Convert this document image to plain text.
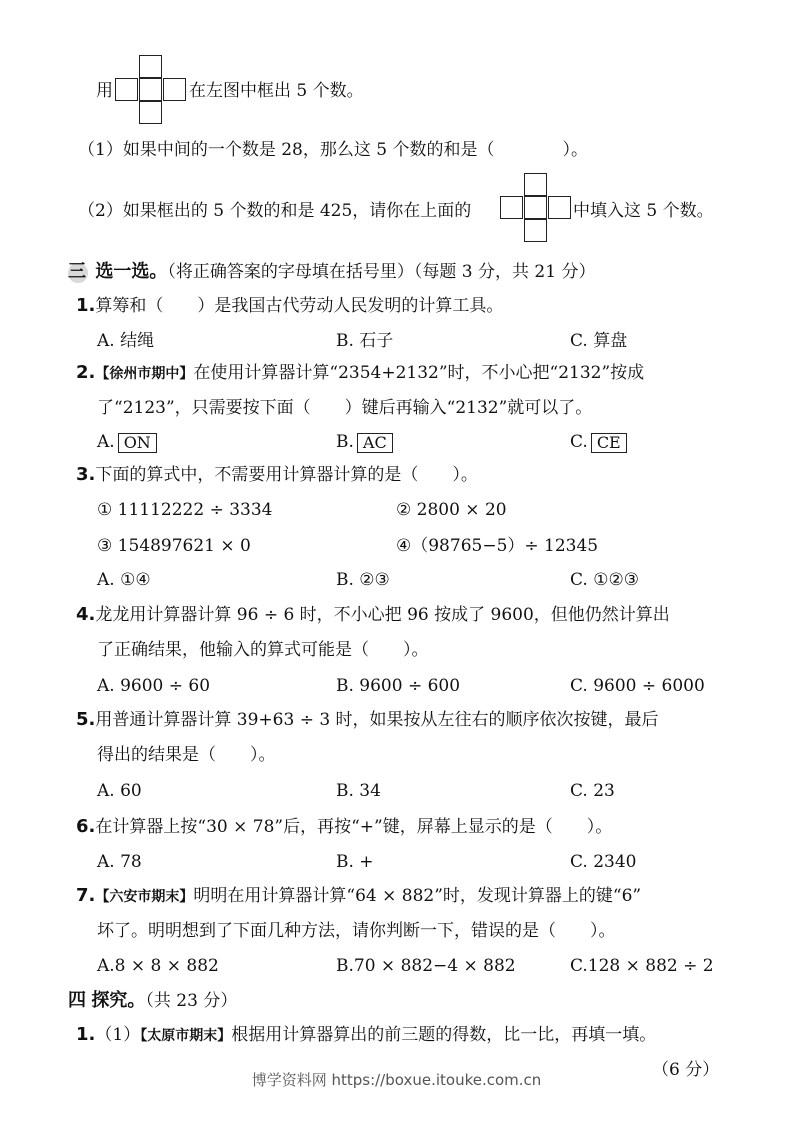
用	在左图中框出 5 个数。
（1）如果中间的一个数是 28，那么这 5 个数的和是（　　　　）。
（2）如果框出的 5 个数的和是 425，请你在上面的	中填入这 5 个数。
三 选一选。（将正确答案的字母填在括号里）（每题 3 分，共 21 分）
1.算筹和（　　）是我国古代劳动人民发明的计算工具。
A. 结绳	B. 石子	C. 算盘
2.【徐州市期中】在使用计算器计算“2354+2132”时，不小心把“2132”按成
了“2123”，只需要按下面（　　）键后再输入“2132”就可以了。
A. ON	B. AC	C. CE
3.下面的算式中，不需要用计算器计算的是（　　）。
① 11112222 ÷ 3334	② 2800 × 20
③ 154897621 × 0	④（98765−5）÷ 12345
A. ①④	B. ②③	C. ①②③
4.龙龙用计算器计算 96 ÷ 6 时，不小心把 96 按成了 9600，但他仍然计算出
了正确结果，他输入的算式可能是（　　）。
A. 9600 ÷ 60	B. 9600 ÷ 600	C. 9600 ÷ 6000
5.用普通计算器计算 39+63 ÷ 3 时，如果按从左往右的顺序依次按键，最后
得出的结果是（　　）。
A. 60	B. 34	C. 23
6.在计算器上按“30 × 78”后，再按“+”键，屏幕上显示的是（　　）。
A. 78	B. +	C. 2340
7.【六安市期末】明明在用计算器计算“64 × 882”时，发现计算器上的键“6”
坏了。明明想到了下面几种方法，请你判断一下，错误的是（　　）。
A.8 × 8 × 882	B.70 × 882−4 × 882	C.128 × 882 ÷ 2
四 探究。（共 23 分）
1.（1）【太原市期末】根据用计算器算出的前三题的得数，比一比，再填一填。
（6 分）
博学资料网 https://boxue.itouke.com.cn
